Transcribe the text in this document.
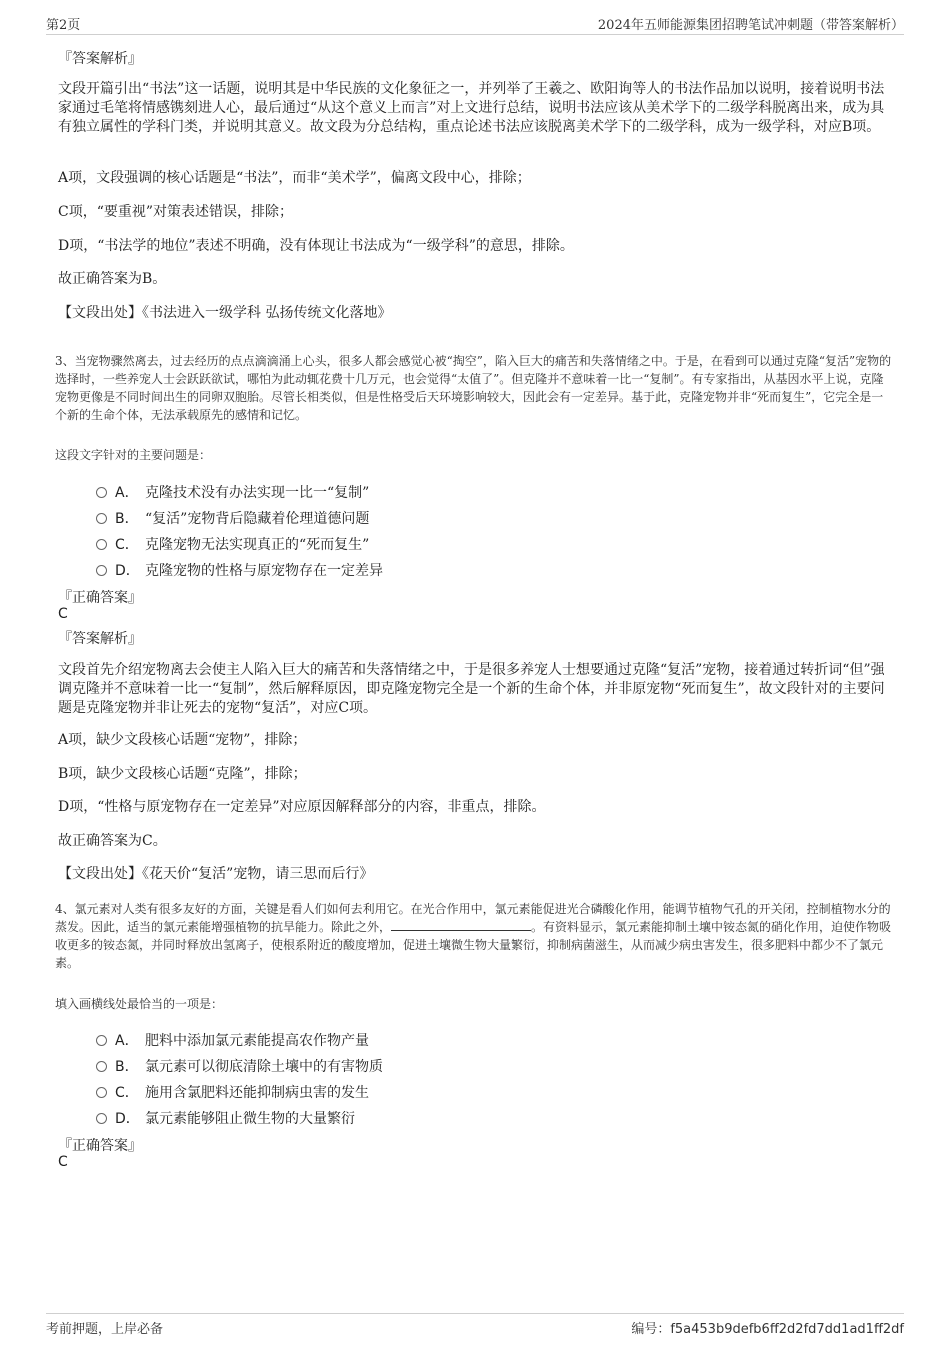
第2页	2024年五师能源集团招聘笔试冲刺题（带答案解析）
『答案解析』
文段开篇引出“书法”这一话题，说明其是中华民族的文化象征之一，并列举了王羲之、欧阳询等人的书法作品加以说明，接着说明书法家通过毛笔将情感镌刻进人心，最后通过“从这个意义上而言”对上文进行总结，说明书法应该从美术学下的二级学科脱离出来，成为具有独立属性的学科门类，并说明其意义。故文段为分总结构，重点论述书法应该脱离美术学下的二级学科，成为一级学科，对应B项。
A项，文段强调的核心话题是“书法”，而非“美术学”，偏离文段中心，排除；
C项，“要重视”对策表述错误，排除；
D项，“书法学的地位”表述不明确，没有体现让书法成为“一级学科”的意思，排除。
故正确答案为B。
【文段出处】《书法进入一级学科 弘扬传统文化落地》
3、当宠物骤然离去，过去经历的点点滴滴涌上心头，很多人都会感觉心被“掏空”，陷入巨大的痛苦和失落情绪之中。于是，在看到可以通过克隆“复活”宠物的选择时，一些养宠人士会跃跃欲试，哪怕为此动辄花费十几万元，也会觉得“太值了”。但克隆并不意味着一比一“复制”。有专家指出，从基因水平上说，克隆宠物更像是不同时间出生的同卵双胞胎。尽管长相类似，但是性格受后天环境影响较大，因此会有一定差异。基于此，克隆宠物并非“死而复生”，它完全是一个新的生命个体，无法承载原先的感情和记忆。
这段文字针对的主要问题是：
A． 克隆技术没有办法实现一比一“复制”
B． “复活”宠物背后隐藏着伦理道德问题
C． 克隆宠物无法实现真正的“死而复生”
D． 克隆宠物的性格与原宠物存在一定差异
『正确答案』
C
『答案解析』
文段首先介绍宠物离去会使主人陷入巨大的痛苦和失落情绪之中，于是很多养宠人士想要通过克隆“复活”宠物，接着通过转折词“但”强调克隆并不意味着一比一“复制”，然后解释原因，即克隆宠物完全是一个新的生命个体，并非原宠物“死而复生”，故文段针对的主要问题是克隆宠物并非让死去的宠物“复活”，对应C项。
A项，缺少文段核心话题“宠物”，排除；
B项，缺少文段核心话题“克隆”，排除；
D项，“性格与原宠物存在一定差异”对应原因解释部分的内容，非重点，排除。
故正确答案为C。
【文段出处】《花天价“复活”宠物，请三思而后行》
4、氯元素对人类有很多友好的方面，关键是看人们如何去利用它。在光合作用中，氯元素能促进光合磷酸化作用，能调节植物气孔的开关闭，控制植物水分的蒸发。因此，适当的氯元素能增强植物的抗旱能力。除此之外，	。有资料显示，氯元素能抑制土壤中铵态氮的硝化作用，迫使作物吸收更多的铵态氮，并同时释放出氢离子，使根系附近的酸度增加，促进土壤微生物大量繁衍，抑制病菌滋生，从而减少病虫害发生，很多肥料中都少不了氯元素。
填入画横线处最恰当的一项是：
A． 肥料中添加氯元素能提高农作物产量
B． 氯元素可以彻底清除土壤中的有害物质
C． 施用含氯肥料还能抑制病虫害的发生
D． 氯元素能够阻止微生物的大量繁衍
『正确答案』
C
考前押题，上岸必备	编号：f5a453b9defb6ff2d2fd7dd1ad1ff2df
